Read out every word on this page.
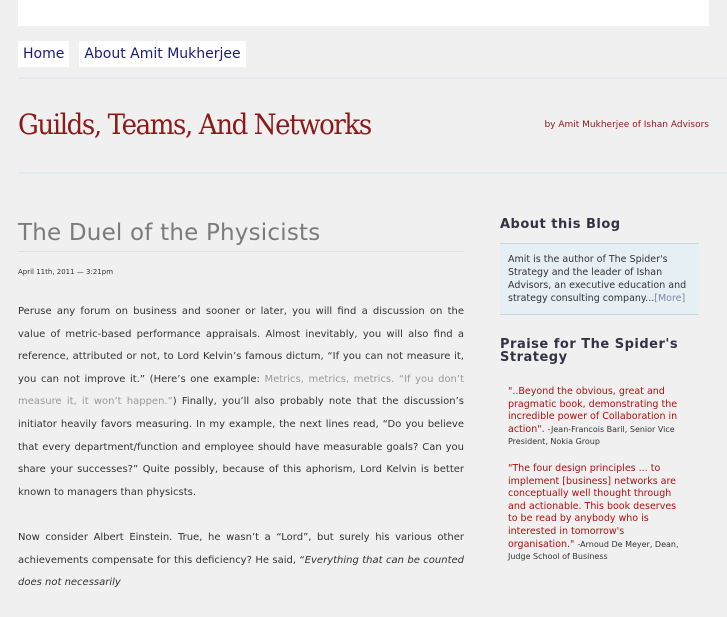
Home	About Amit Mukherjee
Guilds, Teams, And Networks	by Amit Mukherjee of Ishan Advisors
The Duel of the Physicists
April 11th, 2011 — 3:21pm

Peruse any forum on business and sooner or later, you will find a discussion on the value of metric-based performance appraisals. Almost inevitably, you will also find a reference, attributed or not, to Lord Kelvin’s famous dictum, “If you can not measure it, you can not improve it.” (Here’s one example: Metrics, metrics, metrics. “If you don’t measure it, it won’t happen.”) Finally, you’ll also probably note that the discussion’s initiator heavily favors measuring. In my example, the next lines read, “Do you believe that every department/function and employee should have measurable goals? Can you share your successes?” Quite possibly, because of this aphorism, Lord Kelvin is better known to managers than physicsts.

Now consider Albert Einstein. True, he wasn’t a “Lord”, but surely his various other achievements compensate for this deficiency? He said, “Everything that can be counted does not necessarily

About this Blog
Amit is the author of The Spider's Strategy and the leader of Ishan Advisors, an executive education and strategy consulting company...[More]
Praise for The Spider's Strategy
"..Beyond the obvious, great and pragmatic book, demonstrating the incredible power of Collaboration in action". -Jean-Francois Baril, Senior Vice President, Nokia Group
"The four design principles ... to implement [business] networks are conceptually well thought through and actionable. This book deserves to be read by anybody who is interested in tomorrow's organisation." -Arnoud De Meyer, Dean, Judge School of Business
